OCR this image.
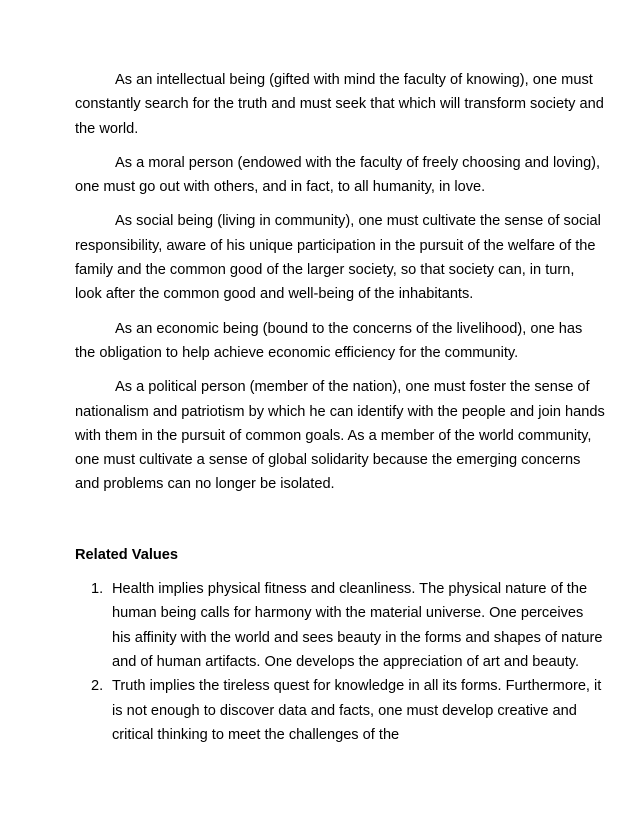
As an intellectual being (gifted with mind the faculty of knowing), one must constantly search for the truth and must seek that which will transform society and the world.

As a moral person (endowed with the faculty of freely choosing and loving), one must go out with others, and in fact, to all humanity, in love.

As social being (living in community), one must cultivate the sense of social responsibility, aware of his unique participation in the pursuit of the welfare of the family and the common good of the larger society, so that society can, in turn, look after the common good and well-being of the inhabitants.

As an economic being (bound to the concerns of the livelihood), one has the obligation to help achieve economic efficiency for the community.

As a political person (member of the nation), one must foster the sense of nationalism and patriotism by which he can identify with the people and join hands with them in the pursuit of common goals. As a member of the world community, one must cultivate a sense of global solidarity because the emerging concerns and problems can no longer be isolated.

Related Values
1. Health implies physical fitness and cleanliness. The physical nature of the human being calls for harmony with the material universe. One perceives his affinity with the world and sees beauty in the forms and shapes of nature and of human artifacts. One develops the appreciation of art and beauty.
2. Truth implies the tireless quest for knowledge in all its forms. Furthermore, it is not enough to discover data and facts, one must develop creative and critical thinking to meet the challenges of the
